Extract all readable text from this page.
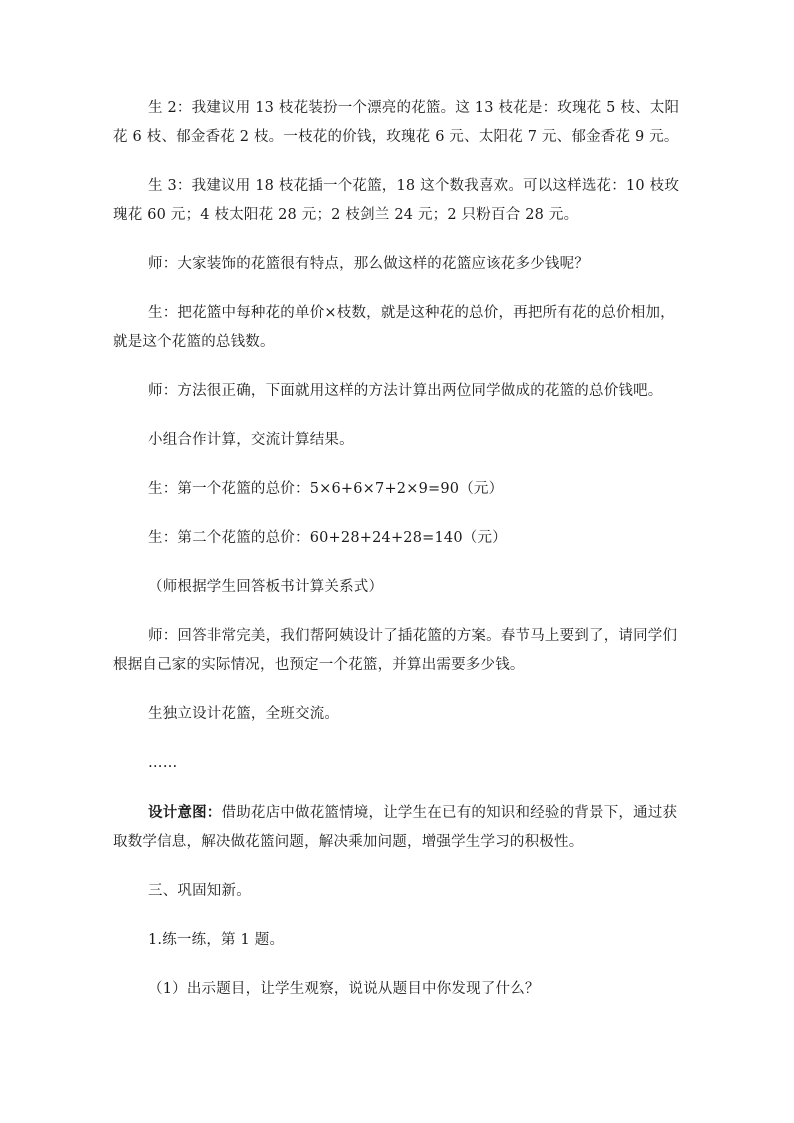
生 2：我建议用 13 枝花装扮一个漂亮的花篮。这 13 枝花是：玫瑰花 5 枝、太阳花 6 枝、郁金香花 2 枝。一枝花的价钱，玫瑰花 6 元、太阳花 7 元、郁金香花 9 元。

生 3：我建议用 18 枝花插一个花篮，18 这个数我喜欢。可以这样选花：10 枝玫瑰花 60 元；4 枝太阳花 28 元；2 枝剑兰 24 元；2 只粉百合 28 元。

师：大家装饰的花篮很有特点，那么做这样的花篮应该花多少钱呢？

生：把花篮中每种花的单价×枝数，就是这种花的总价，再把所有花的总价相加，就是这个花篮的总钱数。

师：方法很正确，下面就用这样的方法计算出两位同学做成的花篮的总价钱吧。

小组合作计算，交流计算结果。

生：第一个花篮的总价：5×6+6×7+2×9=90（元）

生：第二个花篮的总价：60+28+24+28=140（元）

（师根据学生回答板书计算关系式）

师：回答非常完美，我们帮阿姨设计了插花篮的方案。春节马上要到了，请同学们根据自己家的实际情况，也预定一个花篮，并算出需要多少钱。

生独立设计花篮，全班交流。

……

设计意图：借助花店中做花篮情境，让学生在已有的知识和经验的背景下，通过获取数学信息，解决做花篮问题，解决乘加问题，增强学生学习的积极性。

三、巩固知新。

1.练一练，第 1 题。

（1）出示题目，让学生观察，说说从题目中你发现了什么？
